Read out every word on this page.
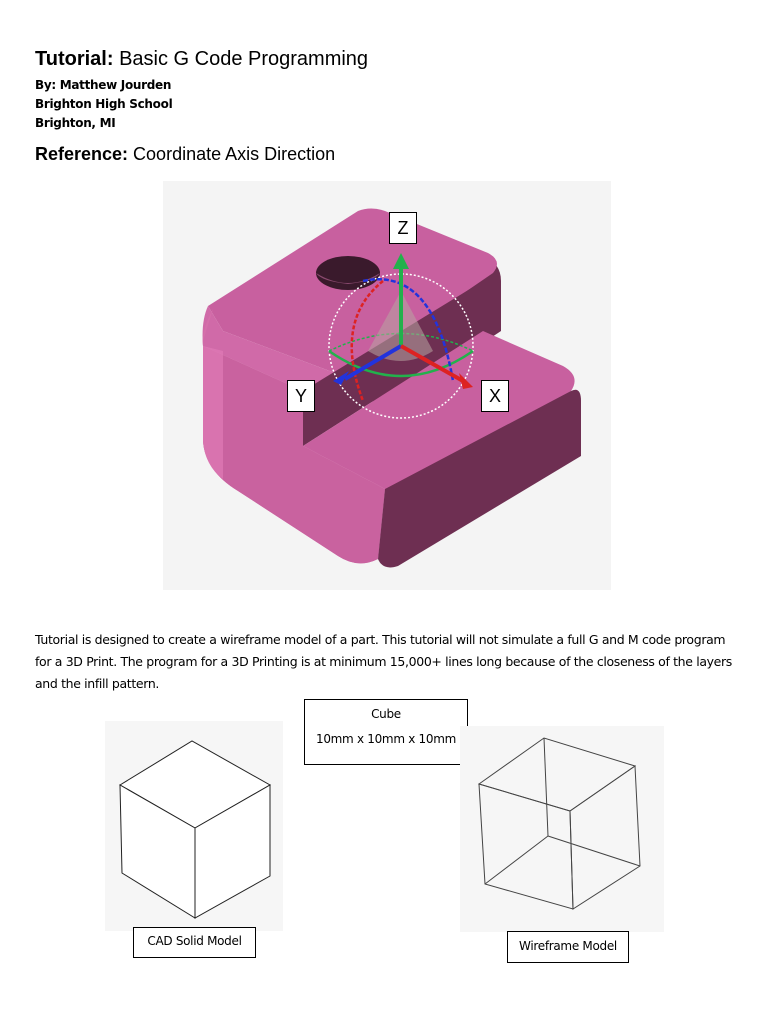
Tutorial: Basic G Code Programming
By: Matthew Jourden
Brighton High School
Brighton, MI
Reference: Coordinate Axis Direction
Z
Y	X
Tutorial is designed to create a wireframe model of a part. This tutorial will not simulate a full G and M code program for a 3D Print. The program for a 3D Printing is at minimum 15,000+ lines long because of the closeness of the layers and the infill pattern.
Cube
10mm x 10mm x 10mm
CAD Solid Model	Wireframe Model
